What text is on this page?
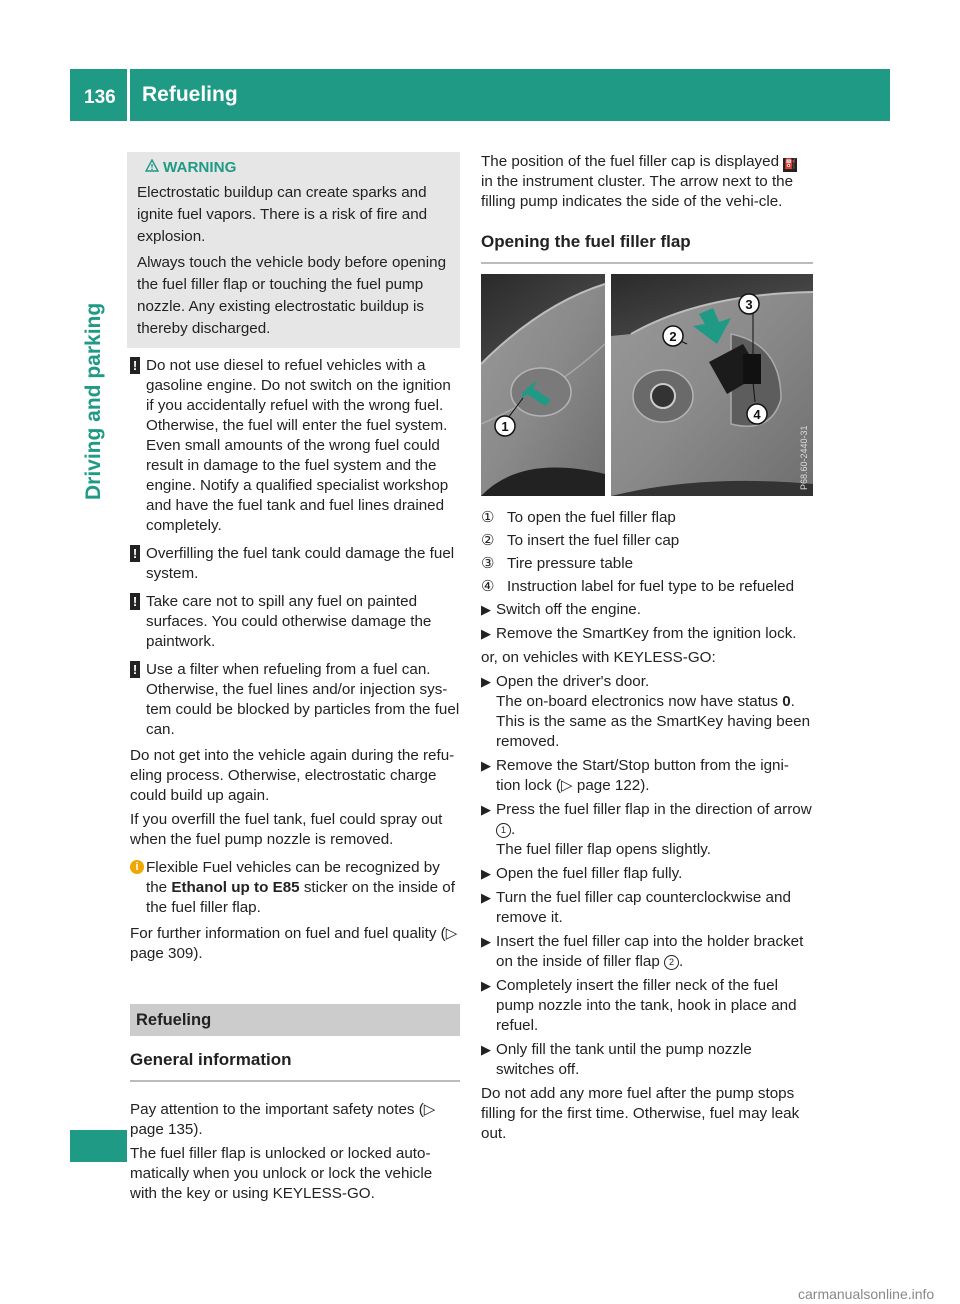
136 Refueling
Driving and parking
WARNING

Electrostatic buildup can create sparks and ignite fuel vapors. There is a risk of fire and explosion.

Always touch the vehicle body before opening the fuel filler flap or touching the fuel pump nozzle. Any existing electrostatic buildup is thereby discharged.

! Do not use diesel to refuel vehicles with a gasoline engine. Do not switch on the ignition if you accidentally refuel with the wrong fuel. Otherwise, the fuel will enter the fuel system. Even small amounts of the wrong fuel could result in damage to the fuel system and the engine. Notify a qualified specialist workshop and have the fuel tank and fuel lines drained completely.
! Overfilling the fuel tank could damage the fuel system.
! Take care not to spill any fuel on painted surfaces. You could otherwise damage the paintwork.
! Use a filter when refueling from a fuel can. Otherwise, the fuel lines and/or injection sys-tem could be blocked by particles from the fuel can.

Do not get into the vehicle again during the refu-eling process. Otherwise, electrostatic charge could build up again.

If you overfill the fuel tank, fuel could spray out when the fuel pump nozzle is removed.

i Flexible Fuel vehicles can be recognized by the Ethanol up to E85 sticker on the inside of the fuel filler flap.

For further information on fuel and fuel quality (▷ page 309).

Refueling
General information

Pay attention to the important safety notes (▷ page 135).

The fuel filler flap is unlocked or locked auto-matically when you unlock or lock the vehicle with the key or using KEYLESS-GO.

The position of the fuel filler cap is displayed ⛽ in the instrument cluster. The arrow next to the filling pump indicates the side of the vehi-cle.

Opening the fuel filler flap
1
2
3
4
P68.60-2440-31
① To open the fuel filler flap
② To insert the fuel filler cap
③ Tire pressure table
④ Instruction label for fuel type to be refueled
▶ Switch off the engine.
▶ Remove the SmartKey from the ignition lock.

or, on vehicles with KEYLESS-GO:

▶ Open the driver's door.
The on-board electronics now have status 0.
This is the same as the SmartKey having been removed.
▶ Remove the Start/Stop button from the igni-tion lock (▷ page 122).
▶ Press the fuel filler flap in the direction of arrow 1 .
The fuel filler flap opens slightly.
▶ Open the fuel filler flap fully.
▶ Turn the fuel filler cap counterclockwise and remove it.
▶ Insert the fuel filler cap into the holder bracket on the inside of filler flap 2 .
▶ Completely insert the filler neck of the fuel pump nozzle into the tank, hook in place and refuel.
▶ Only fill the tank until the pump nozzle switches off.

Do not add any more fuel after the pump stops filling for the first time. Otherwise, fuel may leak out.

carmanualsonline.info
